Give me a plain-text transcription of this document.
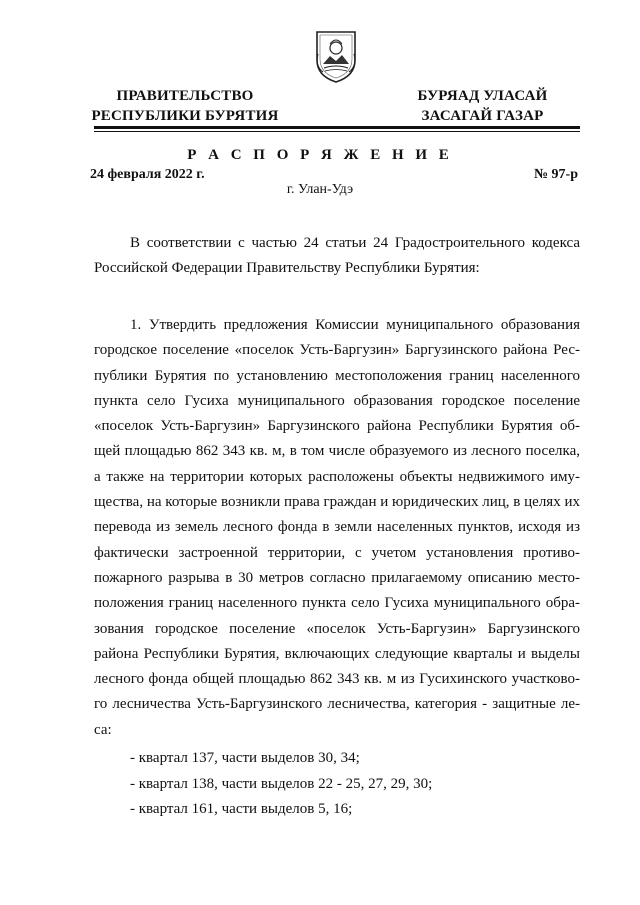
ПРАВИТЕЛЬСТВО
РЕСПУБЛИКИ БУРЯТИЯ
БУРЯАД УЛАСАЙ
ЗАСАГАЙ ГАЗАР
Р А С П О Р Я Ж Е Н И Е
24 февраля 2022 г.	№ 97-р
г. Улан-Удэ

В соответствии с частью 24 статьи 24 Градостроительного кодекса Российской Федерации Правительству Республики Бурятия:

1. Утвердить предложения Комиссии муниципального образования городское поселение «поселок Усть-Баргузин» Баргузинского района Республики Бурятия по установлению местоположения границ населенного пункта село Гусиха муниципального образования городское поселение «поселок Усть-Баргузин» Баргузинского района Республики Бурятия общей площадью 862 343 кв. м, в том числе образуемого из лесного поселка, а также на территории которых расположены объекты недвижимого имущества, на которые возникли права граждан и юридических лиц, в целях их перевода из земель лесного фонда в земли населенных пунктов, исходя из фактически застроенной территории, с учетом установления противопожарного разрыва в 30 метров согласно прилагаемому описанию местоположения границ населенного пункта село Гусиха муниципального образования городское поселение «поселок Усть-Баргузин» Баргузинского района Республики Бурятия, включающих следующие кварталы и выделы лесного фонда общей площадью 862 343 кв. м из Гусихинского участкового лесничества Усть-Баргузинского лесничества, категория - защитные леса:

- квартал 137, части выделов 30, 34;
- квартал 138, части выделов 22 - 25, 27, 29, 30;
- квартал 161, части выделов 5, 16;
